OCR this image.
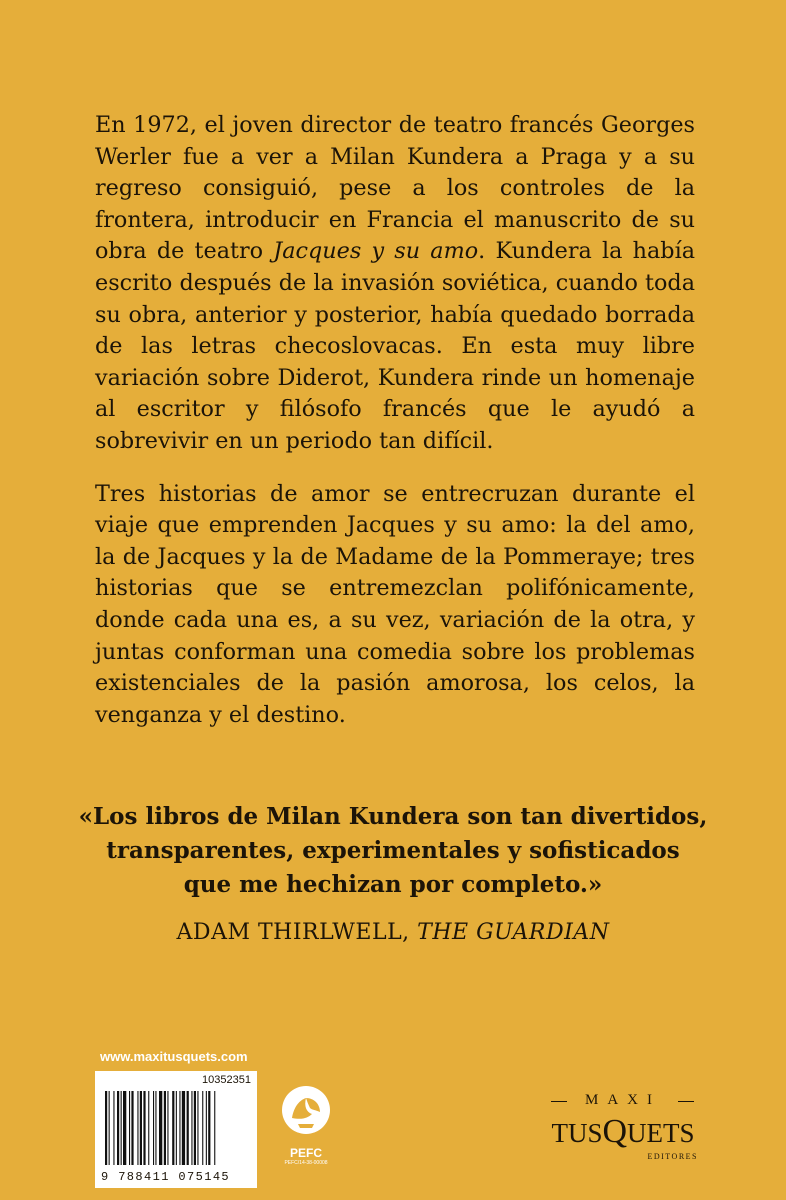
En 1972, el joven director de teatro francés Georges Werler fue a ver a Milan Kundera a Praga y a su regreso consiguió, pese a los controles de la frontera, introducir en Francia el manuscrito de su obra de teatro Jacques y su amo. Kundera la había escrito después de la invasión soviética, cuando toda su obra, anterior y posterior, había quedado borrada de las letras checoslovacas. En esta muy libre variación sobre Diderot, Kundera rinde un homenaje al escritor y filósofo francés que le ayudó a sobrevivir en un periodo tan difícil.

Tres historias de amor se entrecruzan durante el viaje que emprenden Jacques y su amo: la del amo, la de Jacques y la de Madame de la Pommeraye; tres historias que se entremezclan polifónicamente, donde cada una es, a su vez, variación de la otra, y juntas conforman una comedia sobre los problemas existenciales de la pasión amorosa, los celos, la venganza y el destino.

«Los libros de Milan Kundera son tan divertidos,
transparentes, experimentales y sofisticados
que me hechizan por completo.»
ADAM THIRLWELL, THE GUARDIAN
www.maxitusquets.com
10352351
9 788411 075145
PEFC
PEFC/14-38-00008
MAXI
TUSQUETS
EDITORES
